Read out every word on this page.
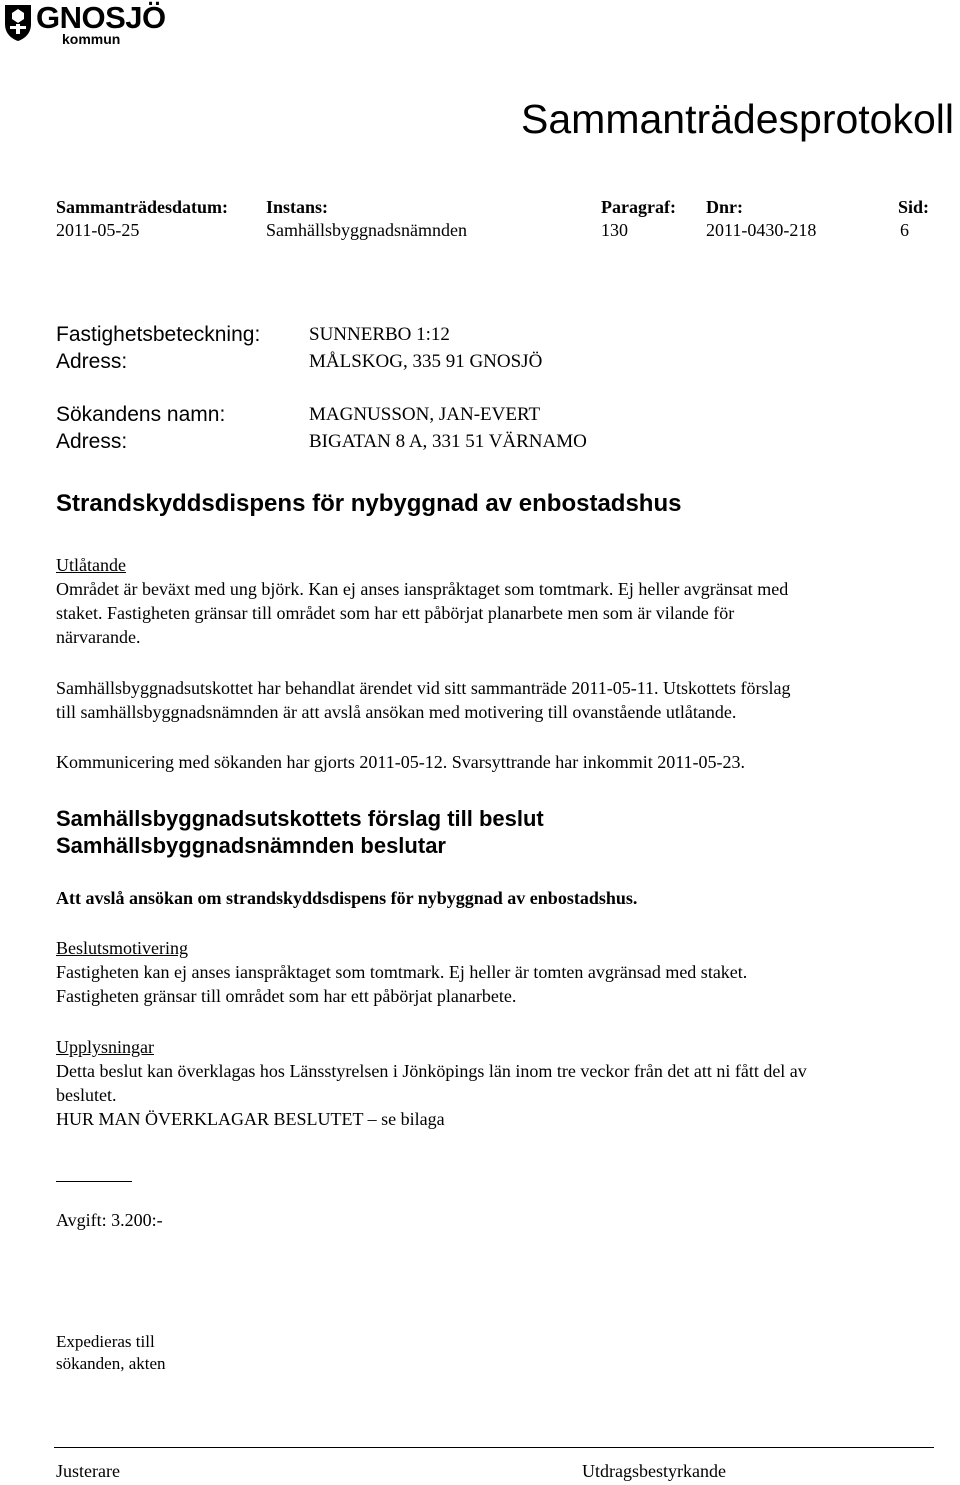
GNOSJÖ
kommun
Sammanträdesprotokoll
Sammanträdesdatum:
2011-05-25
Instans:
Samhällsbyggnadsnämnden
Paragraf:
130
Dnr:
2011-0430-218
Sid:
6
Fastighetsbeteckning:	SUNNERBO 1:12
Adress:	MÅLSKOG, 335 91 GNOSJÖ
Sökandens namn:	MAGNUSSON, JAN-EVERT
Adress:	BIGATAN 8 A, 331 51 VÄRNAMO
Strandskyddsdispens för nybyggnad av enbostadshus
Utlåtande
Området är beväxt med ung björk. Kan ej anses ianspråktaget som tomtmark. Ej heller avgränsat med
staket. Fastigheten gränsar till området som har ett påbörjat planarbete men som är vilande för
närvarande.
Samhällsbyggnadsutskottet har behandlat ärendet vid sitt sammanträde 2011-05-11. Utskottets förslag
till samhällsbyggnadsnämnden är att avslå ansökan med motivering till ovanstående utlåtande.
Kommunicering med sökanden har gjorts 2011-05-12. Svarsyttrande har inkommit 2011-05-23.
Samhällsbyggnadsutskottets förslag till beslut
Samhällsbyggnadsnämnden beslutar
Att avslå ansökan om strandskyddsdispens för nybyggnad av enbostadshus.
Beslutsmotivering
Fastigheten kan ej anses ianspråktaget som tomtmark. Ej heller är tomten avgränsad med staket.
Fastigheten gränsar till området som har ett påbörjat planarbete.
Upplysningar
Detta beslut kan överklagas hos Länsstyrelsen i Jönköpings län inom tre veckor från det att ni fått del av
beslutet.
HUR MAN ÖVERKLAGAR BESLUTET – se bilaga
Avgift: 3.200:-
Expedieras till
sökanden, akten
Justerare	Utdragsbestyrkande
